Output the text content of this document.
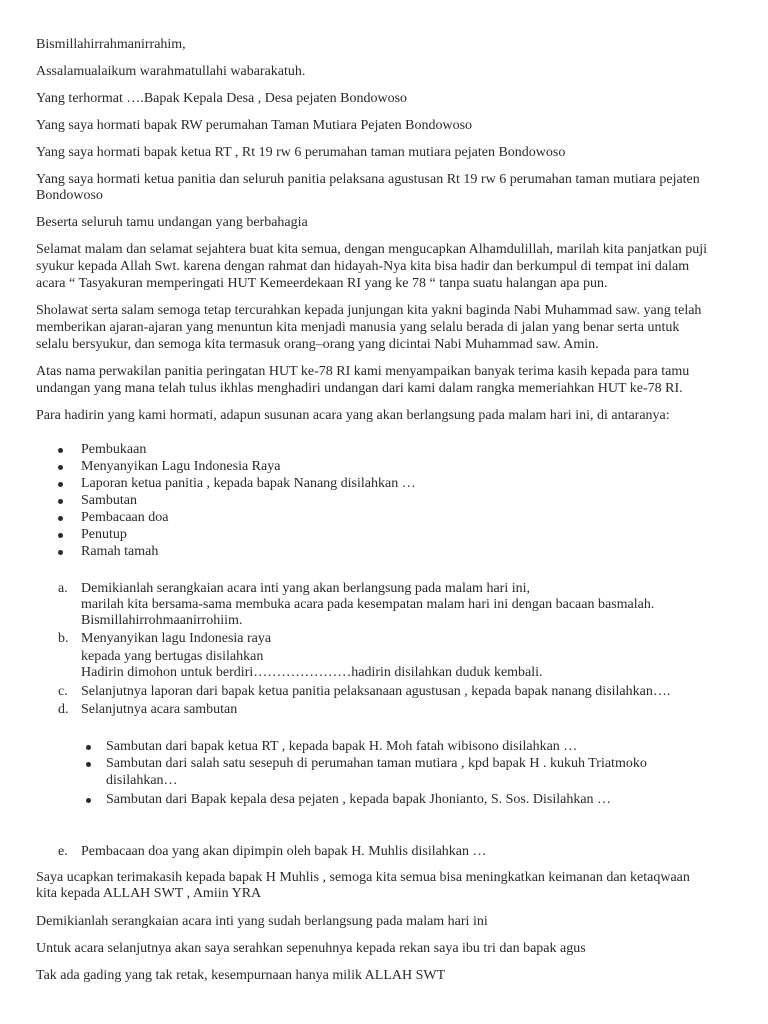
Bismillahirrahmanirrahim,

Assalamualaikum warahmatullahi wabarakatuh.

Yang terhormat ….Bapak Kepala Desa , Desa pejaten Bondowoso

Yang saya hormati bapak RW perumahan Taman Mutiara Pejaten Bondowoso

Yang saya hormati bapak ketua RT , Rt 19 rw 6 perumahan taman mutiara pejaten Bondowoso

Yang saya hormati ketua panitia dan seluruh panitia pelaksana agustusan Rt 19 rw 6 perumahan taman mutiara pejaten

Bondowoso

Beserta seluruh tamu undangan yang berbahagia

Selamat malam dan selamat sejahtera buat kita semua, dengan mengucapkan Alhamdulillah, marilah kita panjatkan puji

syukur kepada Allah Swt. karena dengan rahmat dan hidayah-Nya kita bisa hadir dan berkumpul di tempat ini dalam

acara “ Tasyakuran memperingati HUT Kemeerdekaan RI yang ke 78 “ tanpa suatu halangan apa pun.

Sholawat serta salam semoga tetap tercurahkan kepada junjungan kita yakni baginda Nabi Muhammad saw. yang telah

memberikan ajaran-ajaran yang menuntun kita menjadi manusia yang selalu berada di jalan yang benar serta untuk

selalu bersyukur, dan semoga kita termasuk orang–orang yang dicintai Nabi Muhammad saw. Amin.

Atas nama perwakilan panitia peringatan HUT ke-78 RI kami menyampaikan banyak terima kasih kepada para tamu

undangan yang mana telah tulus ikhlas menghadiri undangan dari kami dalam rangka memeriahkan HUT ke-78 RI.

Para hadirin yang kami hormati, adapun susunan acara yang akan berlangsung pada malam hari ini, di antaranya:

Pembukaan
Menyanyikan Lagu Indonesia Raya
Laporan ketua panitia , kepada bapak Nanang disilahkan …
Sambutan
Pembacaan doa
Penutup
Ramah tamah
a. Demikianlah serangkaian acara inti yang akan berlangsung pada malam hari ini,
marilah kita bersama-sama membuka acara pada kesempatan malam hari ini dengan bacaan basmalah.
Bismillahirrohmaanirrohiim.
b. Menyanyikan lagu Indonesia raya
kepada yang bertugas disilahkan
Hadirin dimohon untuk berdiri…………………hadirin disilahkan duduk kembali.
c. Selanjutnya laporan dari bapak ketua panitia pelaksanaan agustusan , kepada bapak nanang disilahkan….
d. Selanjutnya acara sambutan
Sambutan dari bapak ketua RT , kepada bapak H. Moh fatah wibisono disilahkan …
Sambutan dari salah satu sesepuh di perumahan taman mutiara , kpd bapak H . kukuh Triatmoko
disilahkan…
Sambutan dari Bapak kepala desa pejaten , kepada bapak Jhonianto, S. Sos. Disilahkan …
e. Pembacaan doa yang akan dipimpin oleh bapak H. Muhlis disilahkan …

Saya ucapkan terimakasih kepada bapak H Muhlis , semoga kita semua bisa meningkatkan keimanan dan ketaqwaan

kita kepada ALLAH SWT , Amiin YRA

Demikianlah serangkaian acara inti yang sudah berlangsung pada malam hari ini

Untuk acara selanjutnya akan saya serahkan sepenuhnya kepada rekan saya ibu tri dan bapak agus

Tak ada gading yang tak retak, kesempurnaan hanya milik ALLAH SWT
